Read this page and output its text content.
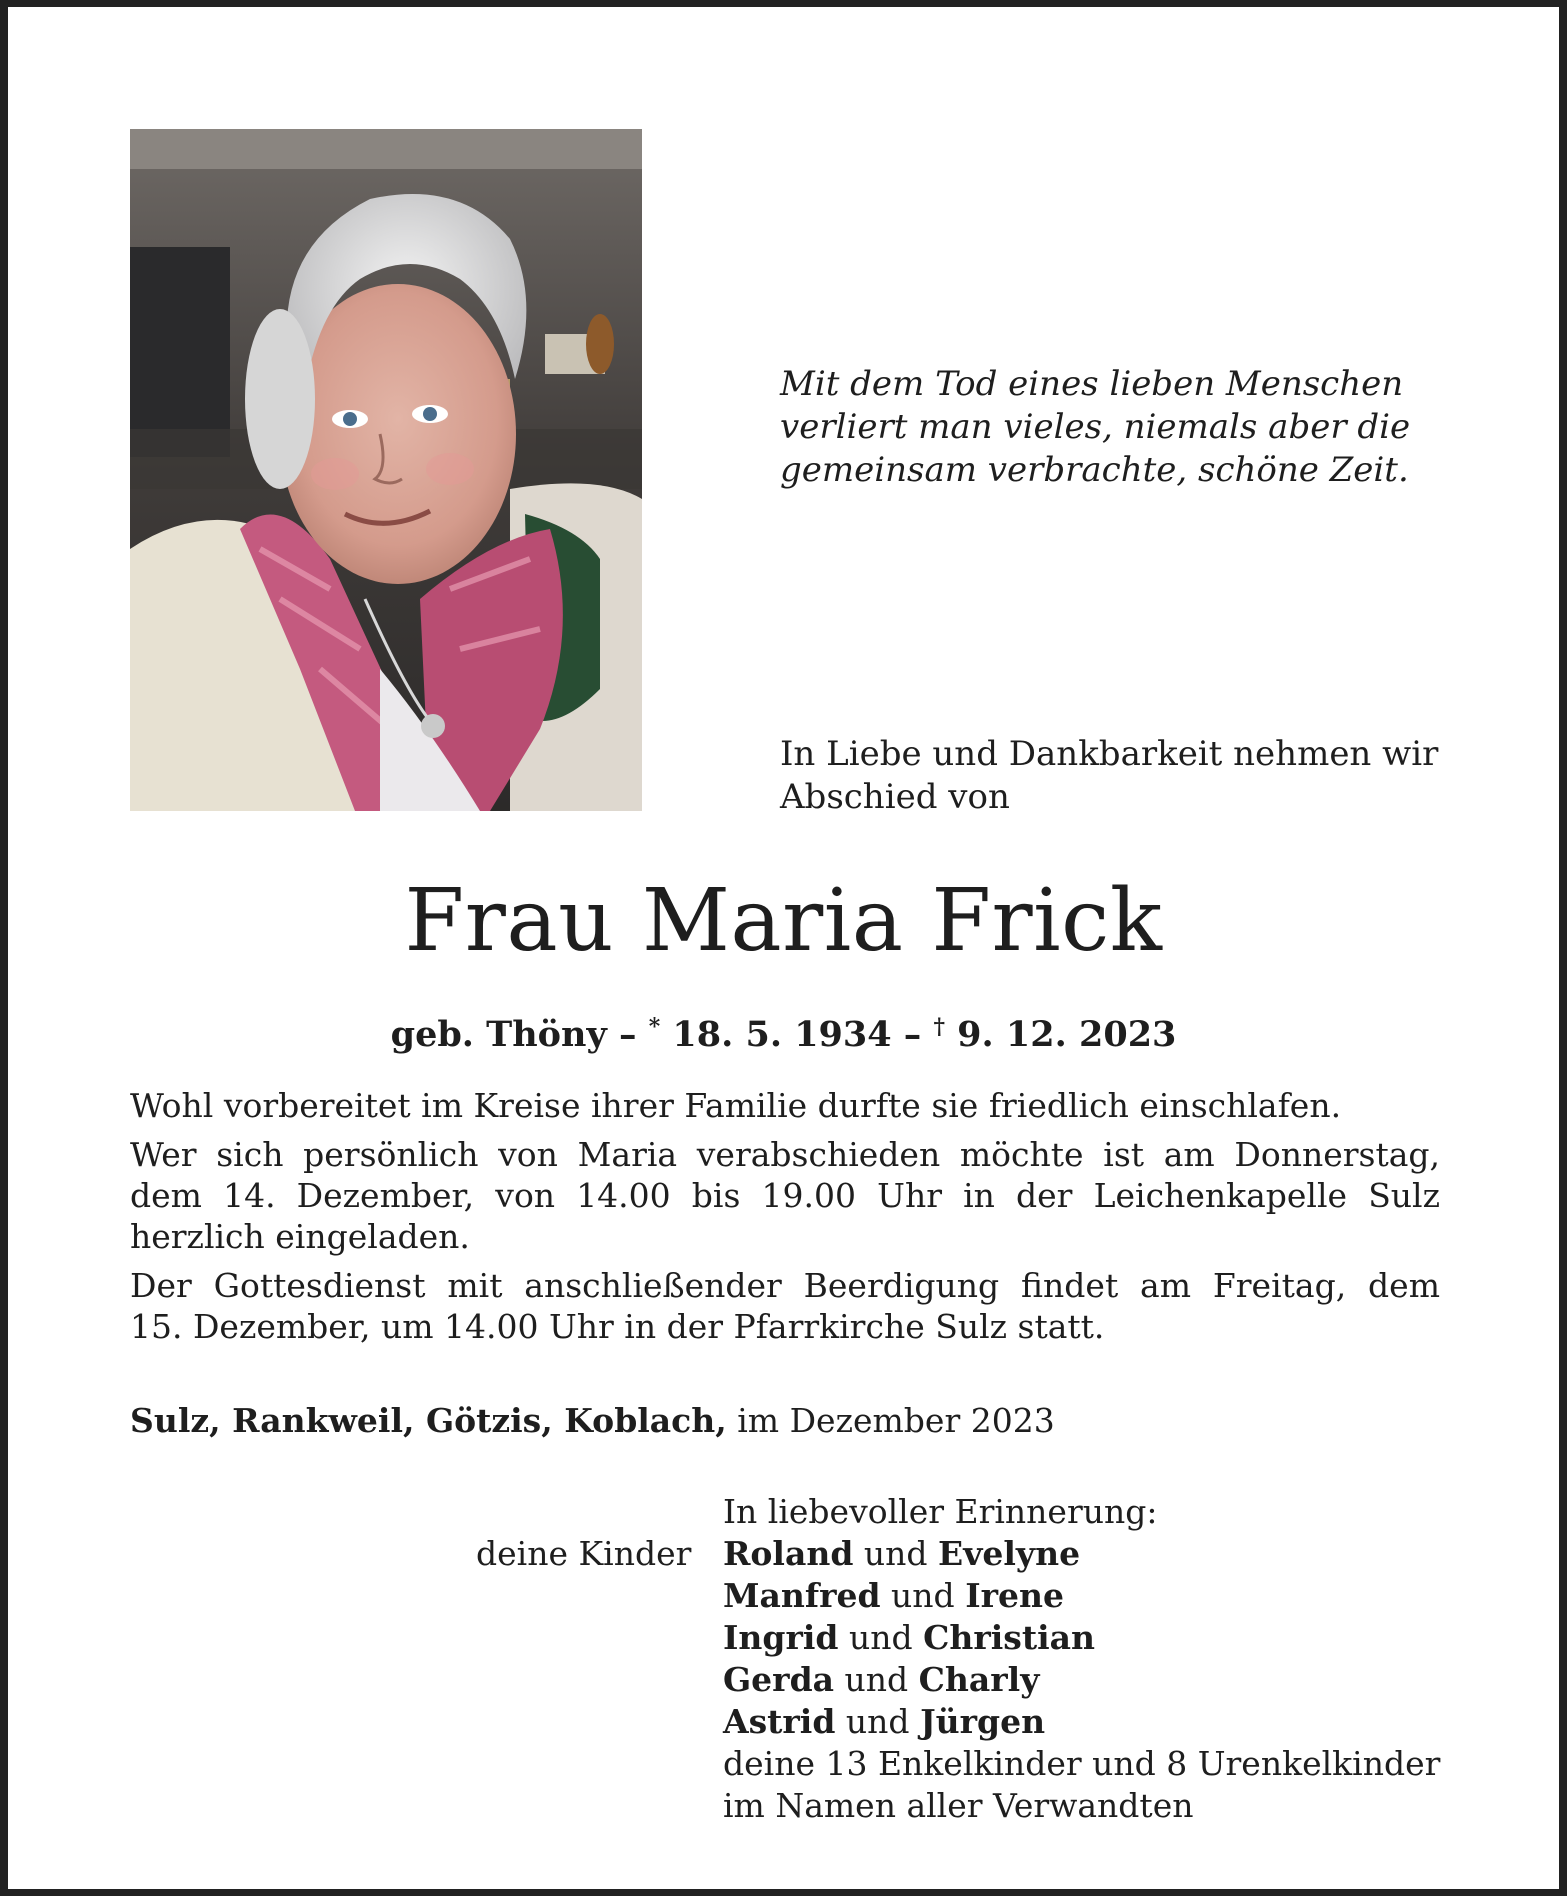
Mit dem Tod eines lieben Menschen
verliert man vieles, niemals aber die
gemeinsam verbrachte, schöne Zeit.
In Liebe und Dankbarkeit nehmen wir
Abschied von
Frau Maria Frick
geb. Thöny – * 18. 5. 1934 – † 9. 12. 2023

Wohl vorbereitet im Kreise ihrer Familie durfte sie friedlich einschlafen.

Wer sich persönlich von Maria verabschieden möchte ist am Donnerstag,
dem 14. Dezember, von 14.00 bis 19.00 Uhr in der Leichenkapelle Sulz
herzlich eingeladen.

Der Gottesdienst mit anschließender Beerdigung findet am Freitag, dem
15. Dezember, um 14.00 Uhr in der Pfarrkirche Sulz statt.

Sulz, Rankweil, Götzis, Koblach, im Dezember 2023
deine Kinder
In liebevoller Erinnerung:
Roland und Evelyne
Manfred und Irene
Ingrid und Christian
Gerda und Charly
Astrid und Jürgen
deine 13 Enkelkinder und 8 Urenkelkinder
im Namen aller Verwandten
